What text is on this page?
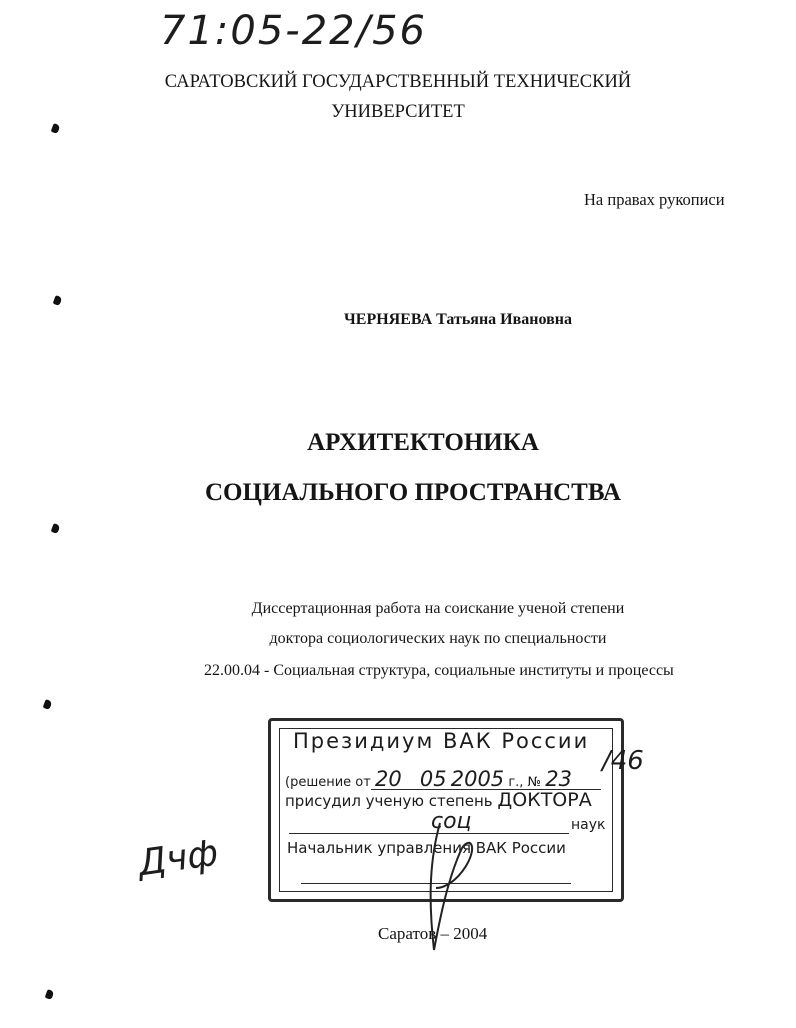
71:05-22/56
САРАТОВСКИЙ ГОСУДАРСТВЕННЫЙ ТЕХНИЧЕСКИЙ
УНИВЕРСИТЕТ
На правах рукописи
ЧЕРНЯЕВА Татьяна Ивановна
АРХИТЕКТОНИКА
СОЦИАЛЬНОГО ПРОСТРАНСТВА
Диссертационная работа на соискание ученой степени
доктора социологических наук по специальности
22.00.04 - Социальная структура, социальные институты и процессы
Президиум ВАК России
(решение от 20 05 2005 г., № 23
присудил ученую степень ДОКТОРА
соц	наук
Начальник управления ВАК России
/46
Дчф
Саратов – 2004
